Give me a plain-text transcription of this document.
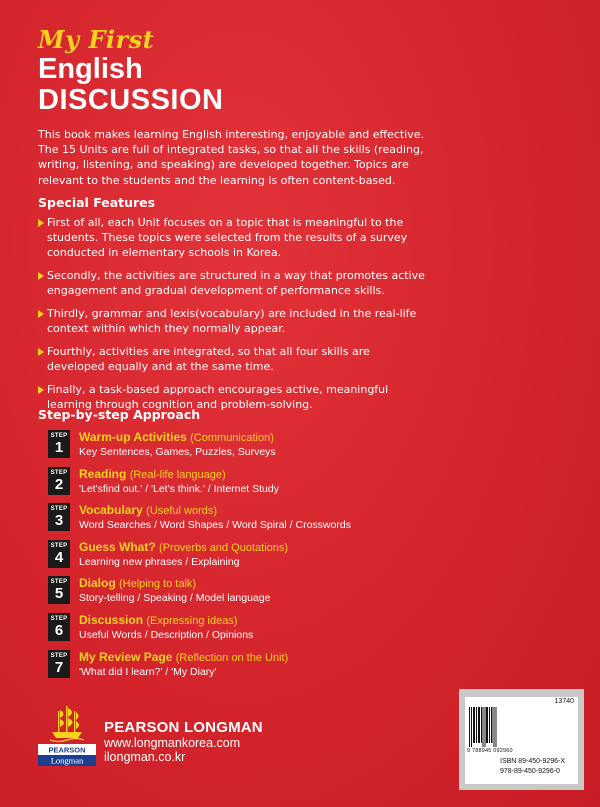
My First
English
DISCUSSION
This book makes learning English interesting, enjoyable and effective.
The 15 Units are full of integrated tasks, so that all the skills (reading,
writing, listening, and speaking) are developed together. Topics are
relevant to the students and the learning is often content-based.
Special Features
First of all, each Unit focuses on a topic that is meaningful to the
students. These topics were selected from the results of a survey
conducted in elementary schools in Korea.
Secondly, the activities are structured in a way that promotes active
engagement and gradual development of performance skills.
Thirdly, grammar and lexis(vocabulary) are included in the real-life
context within which they normally appear.
Fourthly, activities are integrated, so that all four skills are
developed equally and at the same time.
Finally, a task-based approach encourages active, meaningful
learning through cognition and problem-solving.
Step-by-step Approach
STEP
1
Warm-up Activities (Communication)
Key Sentences, Games, Puzzles, Surveys
STEP
2
Reading (Real-life language)
'Let'sfind out.' / 'Let's think.' / Internet Study
STEP
3
Vocabulary (Useful words)
Word Searches / Word Shapes / Word Spiral / Crosswords
STEP
4
Guess What? (Proverbs and Quotations)
Learning new phrases / Explaining
STEP
5
Dialog (Helping to talk)
Story-telling / Speaking / Model language
STEP
6
Discussion (Expressing ideas)
Useful Words / Description / Opinions
STEP
7
My Review Page (Reflection on the Unit)
'What did I learn?' / 'My Diary'
PEARSON
Longman
PEARSON LONGMAN
www.longmankorea.com
ilongman.co.kr
13740
9 788945 092960
ISBN 89-450-9296-X
978-89-450-9296-0
